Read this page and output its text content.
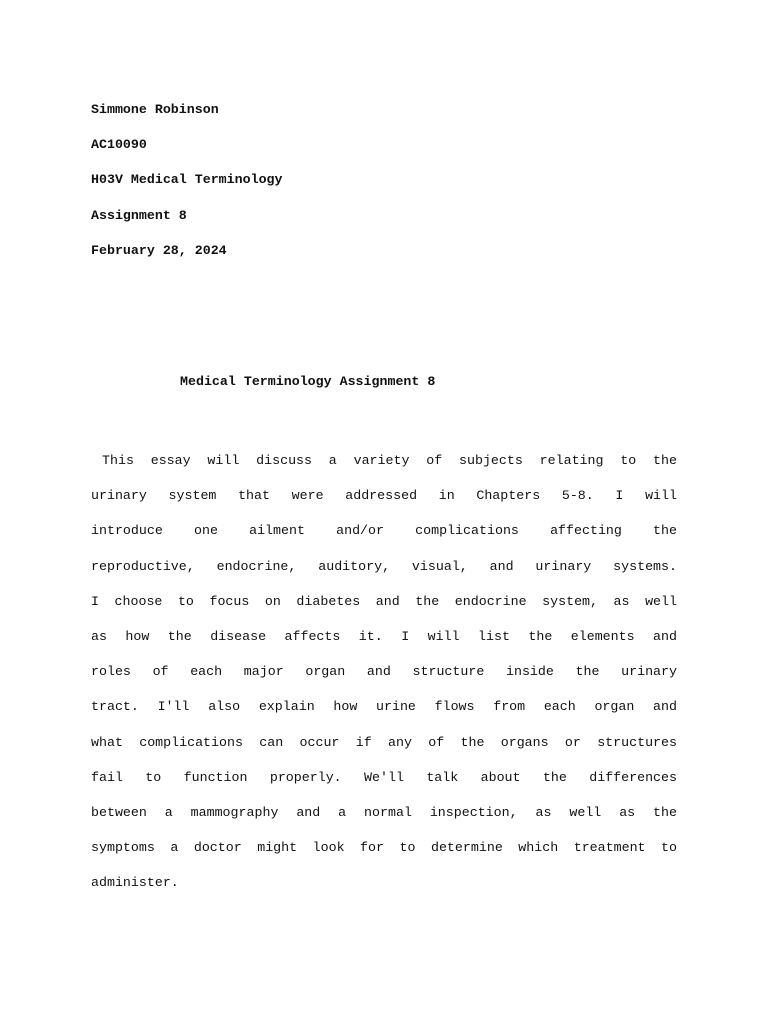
Simmone Robinson
AC10090
H03V Medical Terminology
Assignment 8
February 28, 2024
Medical Terminology Assignment 8
This essay will discuss a variety of subjects relating to the
urinary system that were addressed in Chapters 5-8. I will
introduce one ailment and/or complications affecting the
reproductive, endocrine, auditory, visual, and urinary systems.
I choose to focus on diabetes and the endocrine system, as well
as how the disease affects it. I will list the elements and
roles of each major organ and structure inside the urinary
tract. I'll also explain how urine flows from each organ and
what complications can occur if any of the organs or structures
fail to function properly. We'll talk about the differences
between a mammography and a normal inspection, as well as the
symptoms a doctor might look for to determine which treatment to
administer.
